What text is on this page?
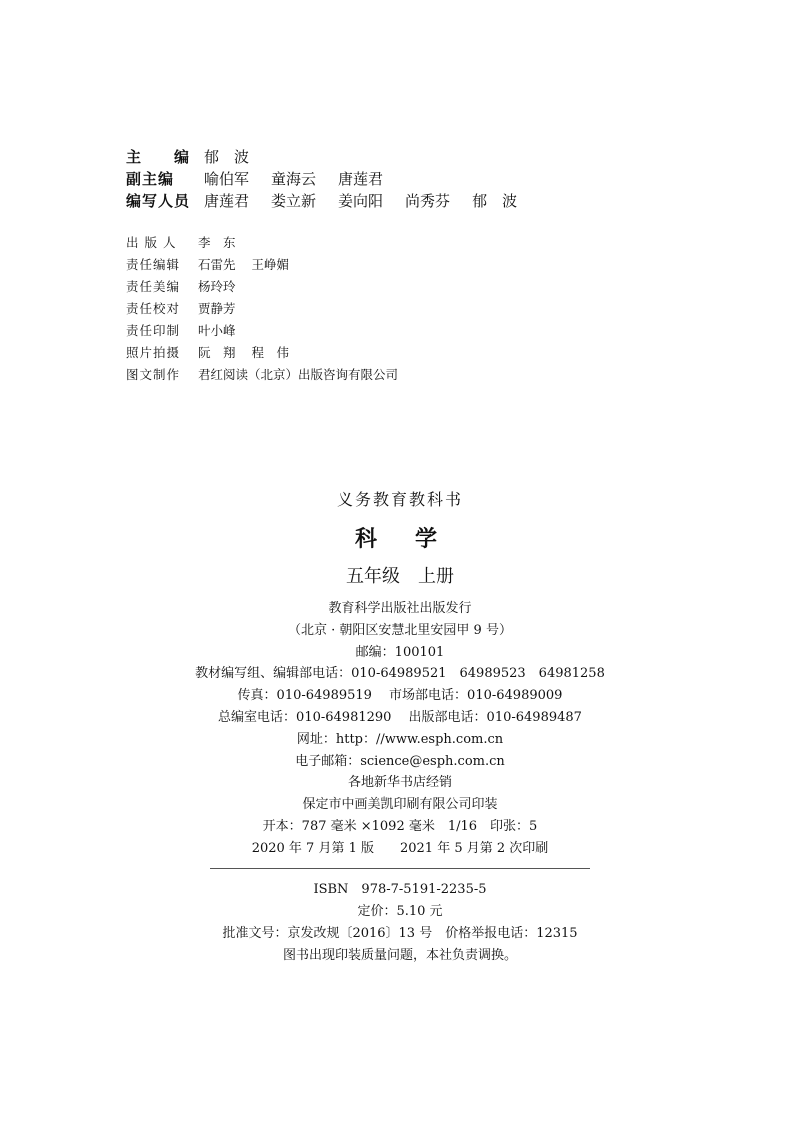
主　　编 郁　波
副主编	喻伯军 童海云 唐莲君
编写人员 唐莲君 娄立新 姜向阳 尚秀芬 郁　波
出 版 人	李　东
责任编辑	石雷先 王峥媚
责任美编	杨玲玲
责任校对	贾静芳
责任印制	叶小峰
照片拍摄	阮　翔 程　伟
图文制作	君红阅读（北京）出版咨询有限公司
义务教育教科书
科　学
五年级　上册
教育科学出版社出版发行
（北京 · 朝阳区安慧北里安园甲 9 号）
邮编：100101
教材编写组、编辑部电话：010-64989521　64989523　64981258
传真：010-64989519　 市场部电话：010-64989009
总编室电话：010-64981290　 出版部电话：010-64989487
网址：http：//www.esph.com.cn
电子邮箱：science@esph.com.cn
各地新华书店经销
保定市中画美凯印刷有限公司印装
开本：787 毫米 ×1092 毫米　1/16　印张：5
2020 年 7 月第 1 版　　2021 年 5 月第 2 次印刷
ISBN　978-7-5191-2235-5
定价：5.10 元
批准文号：京发改规〔2016〕13 号　价格举报电话：12315
图书出现印装质量问题，本社负责调换。
